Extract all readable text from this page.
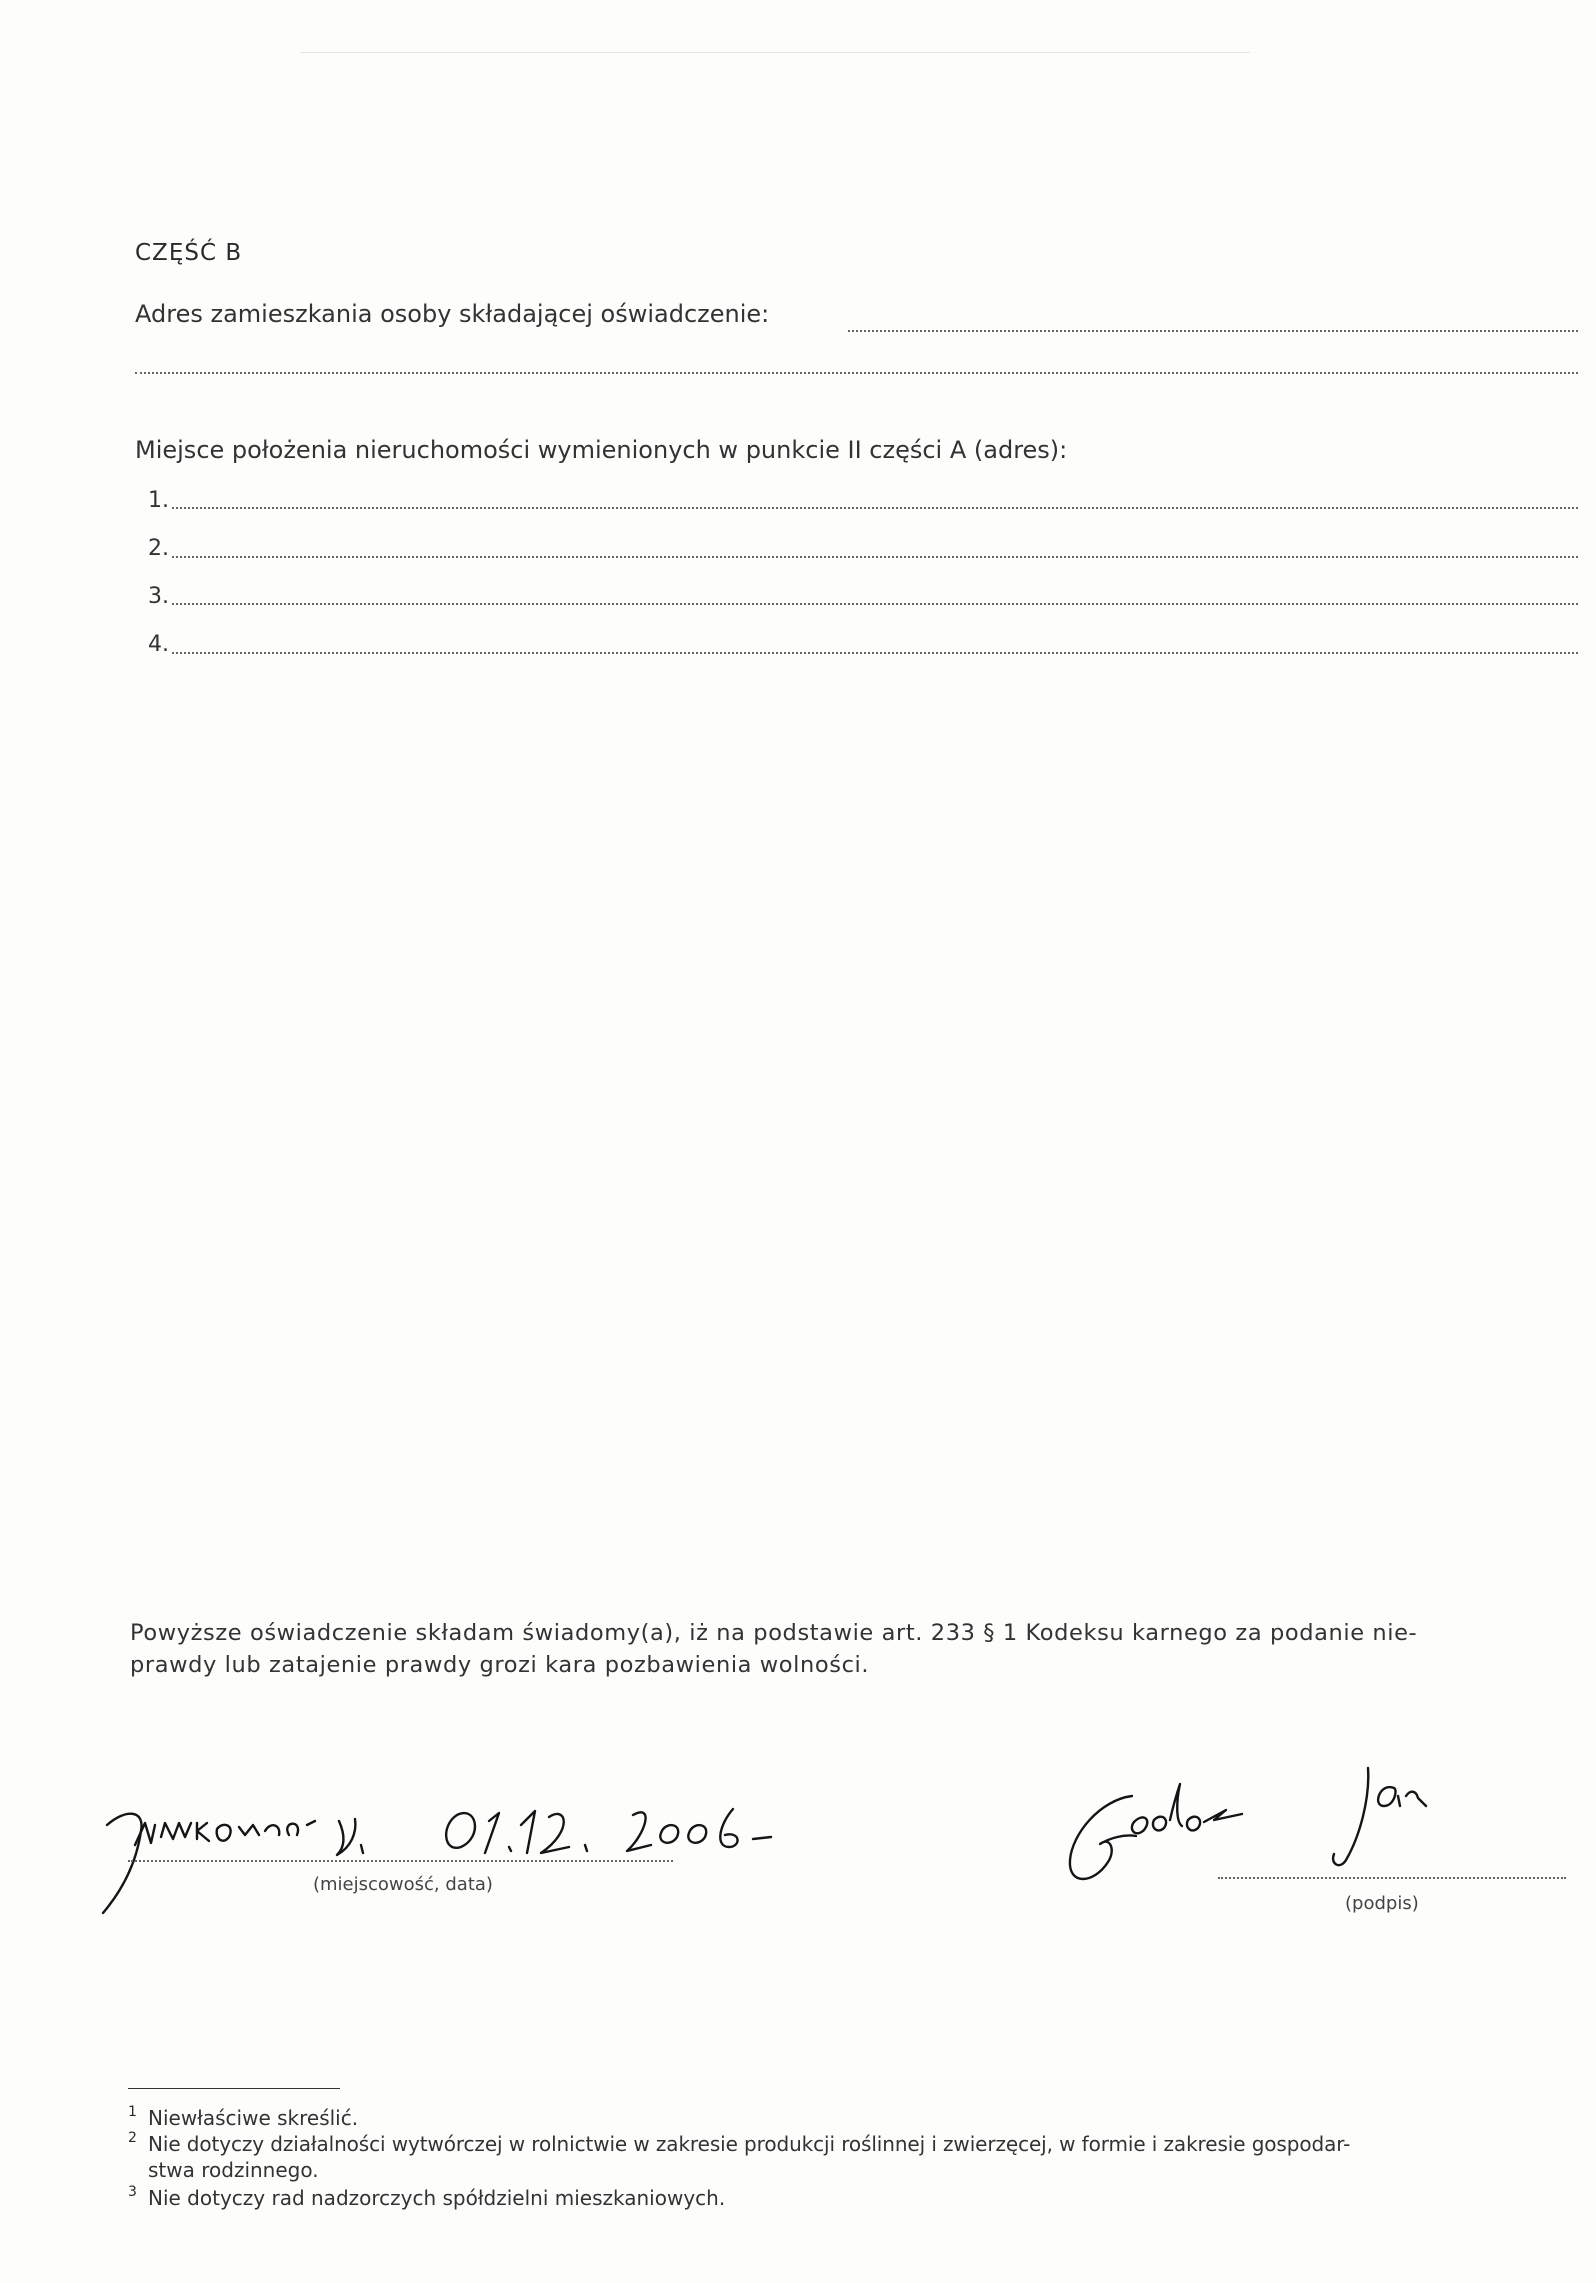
CZĘŚĆ B
Adres zamieszkania osoby składającej oświadczenie:
Miejsce położenia nieruchomości wymienionych w punkcie II części A (adres):
1.
2.
3.
4.
Powyższe oświadczenie składam świadomy(a), iż na podstawie art. 233 § 1 Kodeksu karnego za podanie nie-
prawdy lub zatajenie prawdy grozi kara pozbawienia wolności.
(miejscowość, data)
(podpis)
1 Niewłaściwe skreślić.
2 Nie dotyczy działalności wytwórczej w rolnictwie w zakresie produkcji roślinnej i zwierzęcej, w formie i zakresie gospodar-
stwa rodzinnego.
3 Nie dotyczy rad nadzorczych spółdzielni mieszkaniowych.
